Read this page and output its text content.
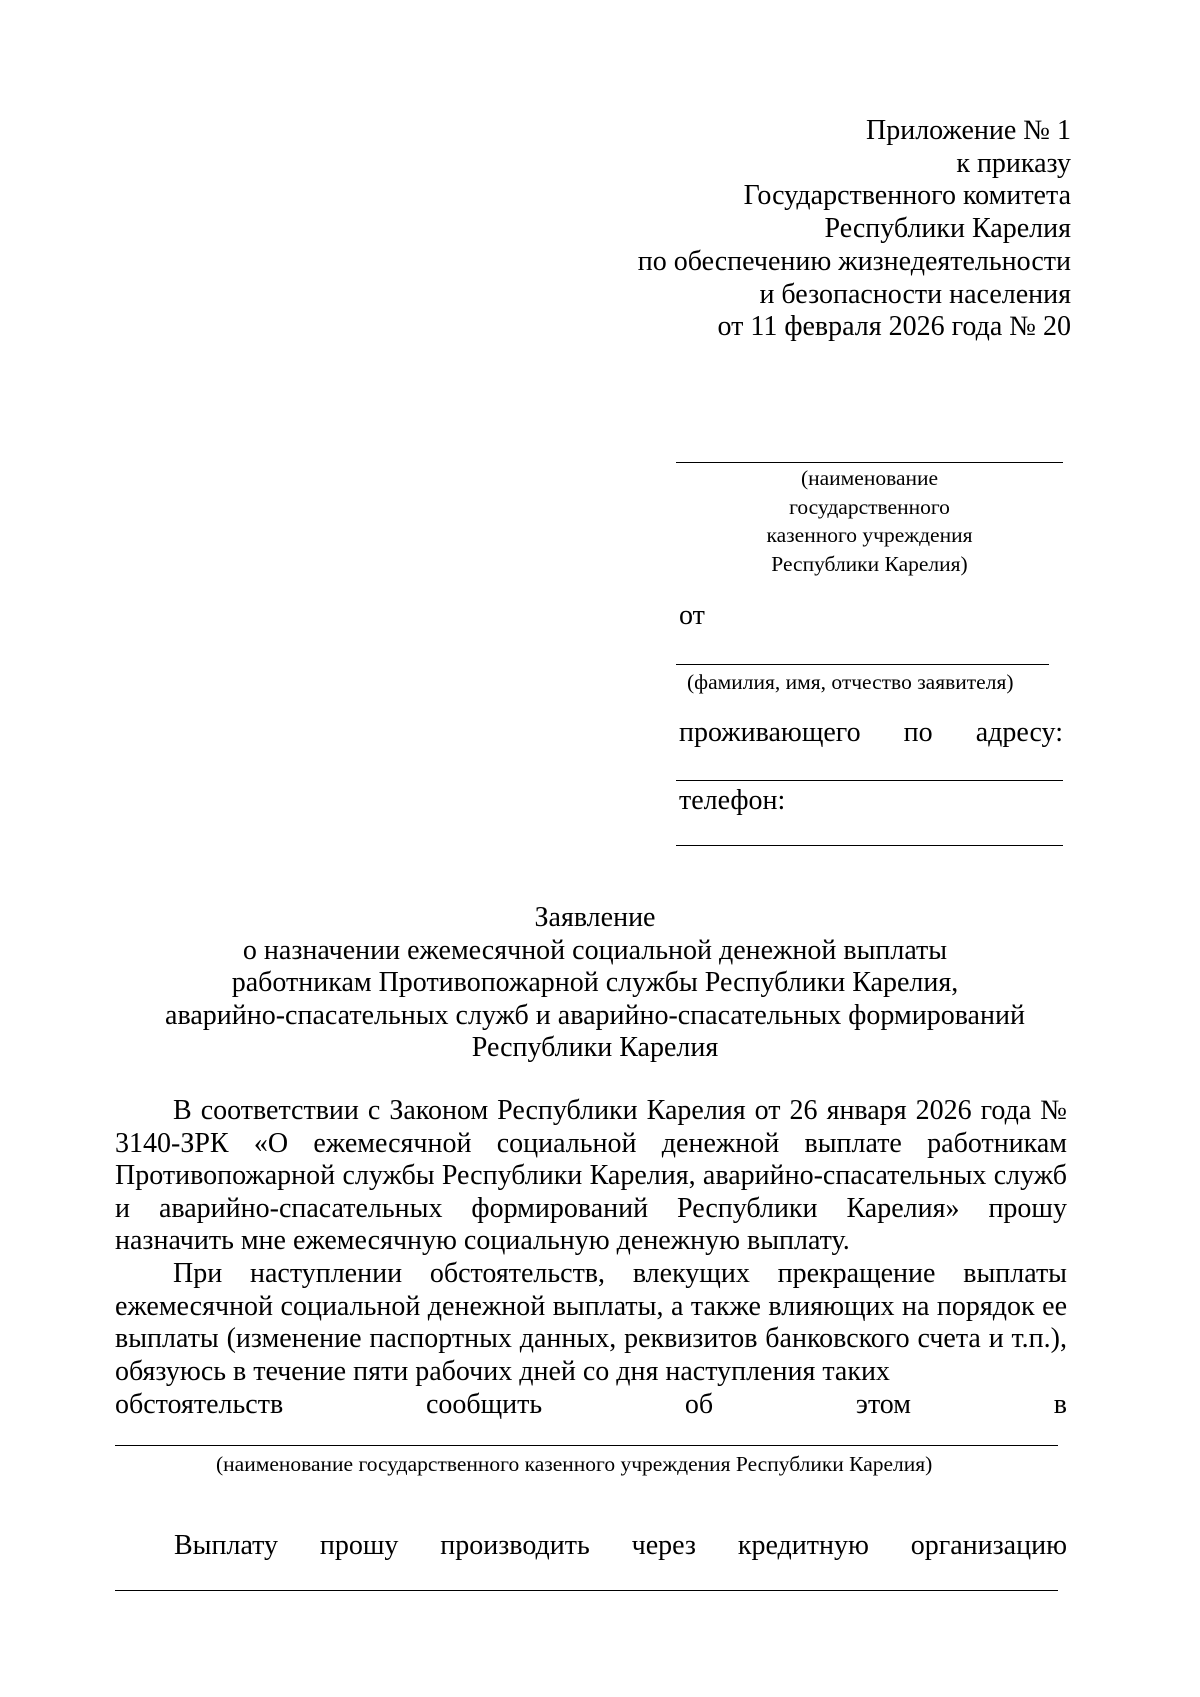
Приложение № 1
к приказу
Государственного комитета
Республики Карелия
по обеспечению жизнедеятельности
и безопасности населения
от 11 февраля 2026 года № 20
(наименование
государственного
казенного учреждения
Республики Карелия)
от
(фамилия, имя, отчество заявителя)
проживающего по адресу:
телефон:
Заявление
о назначении ежемесячной социальной денежной выплаты
работникам Противопожарной службы Республики Карелия,
аварийно-спасательных служб и аварийно-спасательных формирований
Республики Карелия
В соответствии с Законом Республики Карелия от 26 января 2026 года № 3140-ЗРК «О ежемесячной социальной денежной выплате работникам Противопожарной службы Республики Карелия, аварийно-спасательных служб и аварийно-спасательных формирований Республики Карелия» прошу назначить мне ежемесячную социальную денежную выплату.
При наступлении обстоятельств, влекущих прекращение выплаты ежемесячной социальной денежной выплаты, а также влияющих на порядок ее выплаты (изменение паспортных данных, реквизитов банковского счета и т.п.), обязуюсь в течение пяти рабочих дней со дня наступления таких
обстоятельств	сообщить	об	этом	в
(наименование государственного казенного учреждения Республики Карелия)
Выплату прошу производить через кредитную организацию
